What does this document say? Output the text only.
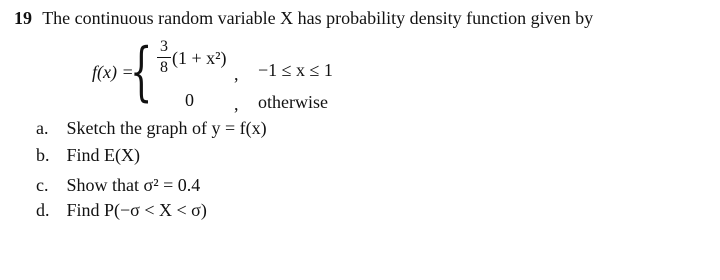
19 The continuous random variable X has probability density function given by
f(x) =
{ 3
8 (1 + x²)
, −1 ≤ x ≤ 1
0 , otherwise
a. Sketch the graph of y = f(x)
b. Find E(X)
c. Show that σ² = 0.4
d. Find P(−σ < X < σ)
